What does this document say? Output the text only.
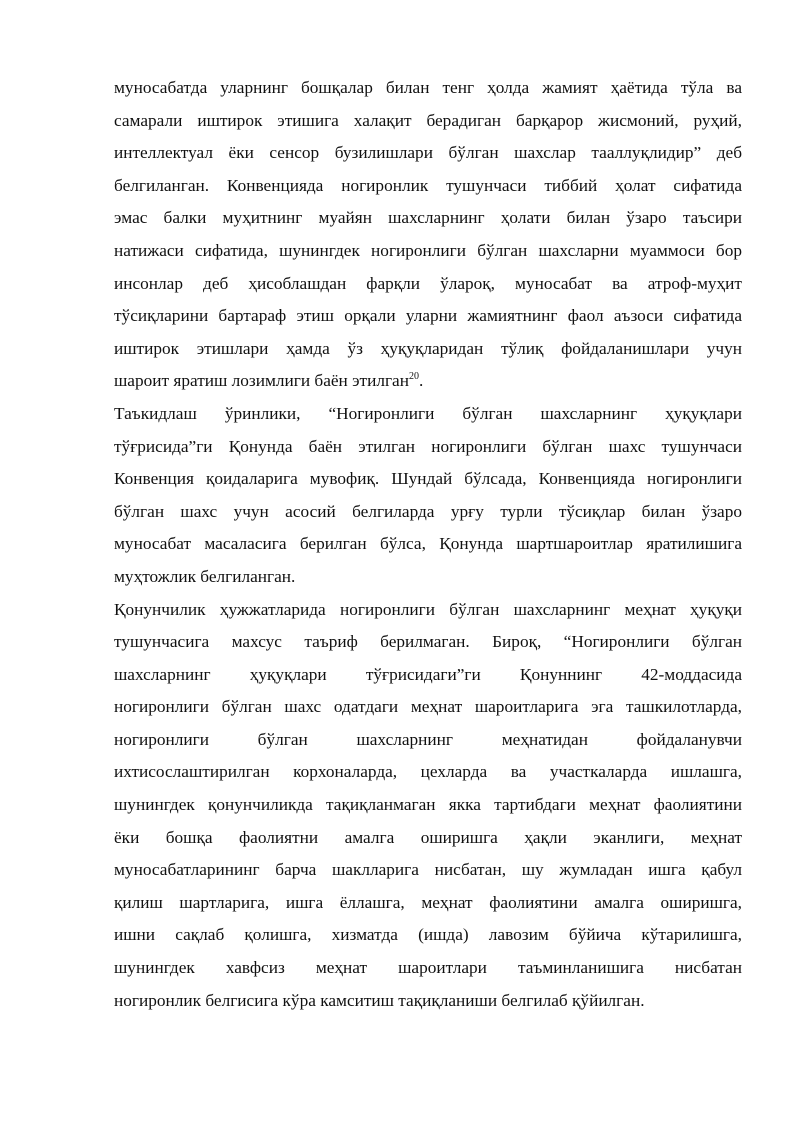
муносабатда уларнинг бошқалар билан тенг ҳолда жамият ҳаётида тўла ва
самарали иштирок этишига халақит берадиган барқарор жисмоний, руҳий,
интеллектуал ёки сенсор бузилишлари бўлган шахслар тааллуқлидир” деб
белгиланган. Конвенцияда ногиронлик тушунчаси тиббий ҳолат сифатида
эмас балки муҳитнинг муайян шахсларнинг ҳолати билан ўзаро таъсири
натижаси сифатида, шунингдек ногиронлиги бўлган шахсларни муаммоси бор
инсонлар деб ҳисоблашдан фарқли ўлароқ, муносабат ва атроф-муҳит
тўсиқларини бартараф этиш орқали уларни жамиятнинг фаол аъзоси сифатида
иштирок этишлари ҳамда ўз ҳуқуқларидан тўлиқ фойдаланишлари учун
шароит яратиш лозимлиги баён этилган$^{20}$.

Таъкидлаш ўринлики, “Ногиронлиги бўлган шахсларнинг ҳуқуқлари
тўғрисида”ги Қонунда баён этилган ногиронлиги бўлган шахс тушунчаси
Конвенция қоидаларига мувофиқ. Шундай бўлсада, Конвенцияда ногиронлиги
бўлган шахс учун асосий белгиларда урғу турли тўсиқлар билан ўзаро
муносабат масаласига берилган бўлса, Қонунда шартшароитлар яратилишига
муҳтожлик белгиланган.

Қонунчилик ҳужжатларида ногиронлиги бўлган шахсларнинг меҳнат ҳуқуқи
тушунчасига махсус таъриф берилмаган. Бироқ, “Ногиронлиги бўлган
шахсларнинг ҳуқуқлари тўғрисидаги”ги Қонуннинг 42-моддасида
ногиронлиги бўлган шахс одатдаги меҳнат шароитларига эга ташкилотларда,
ногиронлиги бўлган шахсларнинг меҳнатидан фойдаланувчи
ихтисослаштирилган корхоналарда, цехларда ва участкаларда ишлашга,
шунингдек қонунчиликда тақиқланмаган якка тартибдаги меҳнат фаолиятини
ёки бошқа фаолиятни амалга оширишга ҳақли эканлиги, меҳнат
муносабатларининг барча шаклларига нисбатан, шу жумладан ишга қабул
қилиш шартларига, ишга ёллашга, меҳнат фаолиятини амалга оширишга,
ишни сақлаб қолишга, хизматда (ишда) лавозим бўйича кўтарилишга,
шунингдек хавфсиз меҳнат шароитлари таъминланишига нисбатан
ногиронлик белгисига кўра камситиш тақиқланиши белгилаб қўйилган.
